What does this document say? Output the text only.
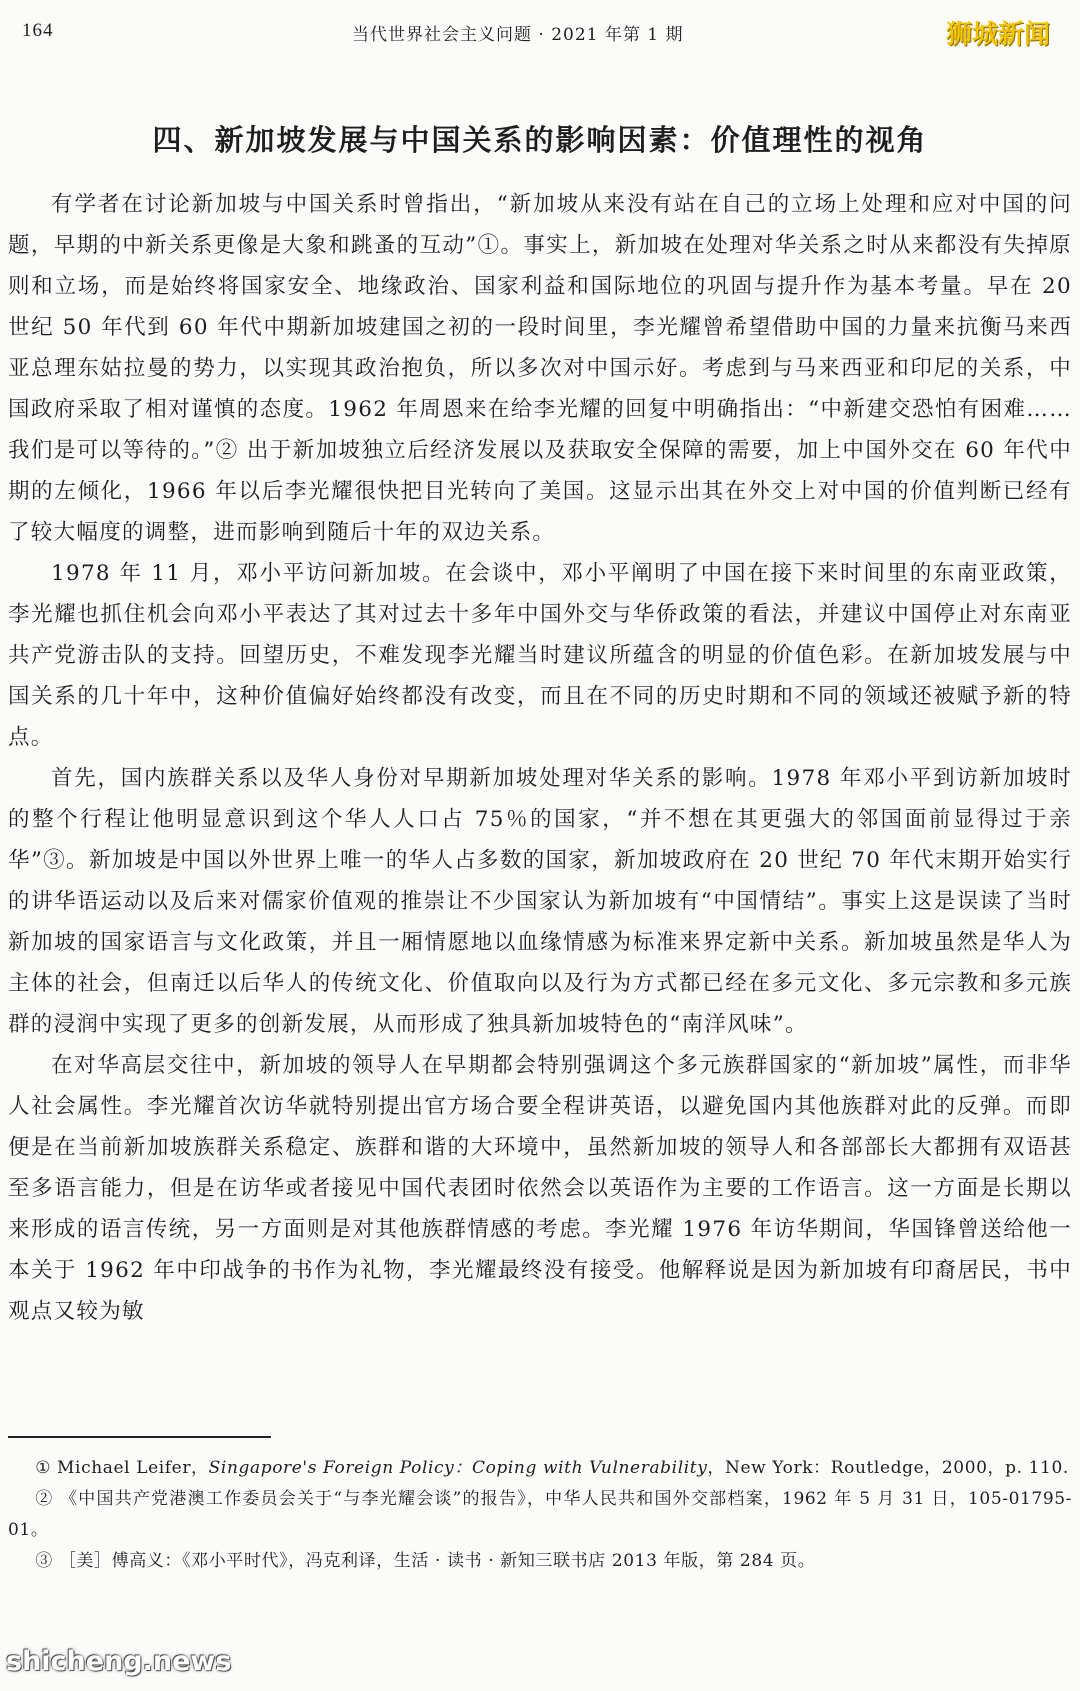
164	当代世界社会主义问题 · 2021 年第 1 期	狮城新闻
四、新加坡发展与中国关系的影响因素：价值理性的视角

有学者在讨论新加坡与中国关系时曾指出，“新加坡从来没有站在自己的立场上处理和应对中国的问题，早期的中新关系更像是大象和跳蚤的互动”①。事实上，新加坡在处理对华关系之时从来都没有失掉原则和立场，而是始终将国家安全、地缘政治、国家利益和国际地位的巩固与提升作为基本考量。早在 20 世纪 50 年代到 60 年代中期新加坡建国之初的一段时间里，李光耀曾希望借助中国的力量来抗衡马来西亚总理东姑拉曼的势力，以实现其政治抱负，所以多次对中国示好。考虑到与马来西亚和印尼的关系，中国政府采取了相对谨慎的态度。1962 年周恩来在给李光耀的回复中明确指出：“中新建交恐怕有困难……我们是可以等待的。”② 出于新加坡独立后经济发展以及获取安全保障的需要，加上中国外交在 60 年代中期的左倾化，1966 年以后李光耀很快把目光转向了美国。这显示出其在外交上对中国的价值判断已经有了较大幅度的调整，进而影响到随后十年的双边关系。

1978 年 11 月，邓小平访问新加坡。在会谈中，邓小平阐明了中国在接下来时间里的东南亚政策，李光耀也抓住机会向邓小平表达了其对过去十多年中国外交与华侨政策的看法，并建议中国停止对东南亚共产党游击队的支持。回望历史，不难发现李光耀当时建议所蕴含的明显的价值色彩。在新加坡发展与中国关系的几十年中，这种价值偏好始终都没有改变，而且在不同的历史时期和不同的领域还被赋予新的特点。

首先，国内族群关系以及华人身份对早期新加坡处理对华关系的影响。1978 年邓小平到访新加坡时的整个行程让他明显意识到这个华人人口占 75％的国家，“并不想在其更强大的邻国面前显得过于亲华”③。新加坡是中国以外世界上唯一的华人占多数的国家，新加坡政府在 20 世纪 70 年代末期开始实行的讲华语运动以及后来对儒家价值观的推崇让不少国家认为新加坡有“中国情结”。事实上这是误读了当时新加坡的国家语言与文化政策，并且一厢情愿地以血缘情感为标准来界定新中关系。新加坡虽然是华人为主体的社会，但南迁以后华人的传统文化、价值取向以及行为方式都已经在多元文化、多元宗教和多元族群的浸润中实现了更多的创新发展，从而形成了独具新加坡特色的“南洋风味”。

在对华高层交往中，新加坡的领导人在早期都会特别强调这个多元族群国家的“新加坡”属性，而非华人社会属性。李光耀首次访华就特别提出官方场合要全程讲英语，以避免国内其他族群对此的反弹。而即便是在当前新加坡族群关系稳定、族群和谐的大环境中，虽然新加坡的领导人和各部部长大都拥有双语甚至多语言能力，但是在访华或者接见中国代表团时依然会以英语作为主要的工作语言。这一方面是长期以来形成的语言传统，另一方面则是对其他族群情感的考虑。李光耀 1976 年访华期间，华国锋曾送给他一本关于 1962 年中印战争的书作为礼物，李光耀最终没有接受。他解释说是因为新加坡有印裔居民，书中观点又较为敏

① Michael Leifer，Singapore's Foreign Policy：Coping with Vulnerability，New York：Routledge，2000，p. 110.

② 《中国共产党港澳工作委员会关于“与李光耀会谈”的报告》，中华人民共和国外交部档案，1962 年 5 月 31 日，105-01795-01。

③ ［美］傅高义：《邓小平时代》，冯克利译，生活 · 读书 · 新知三联书店 2013 年版，第 284 页。

shicheng.news
